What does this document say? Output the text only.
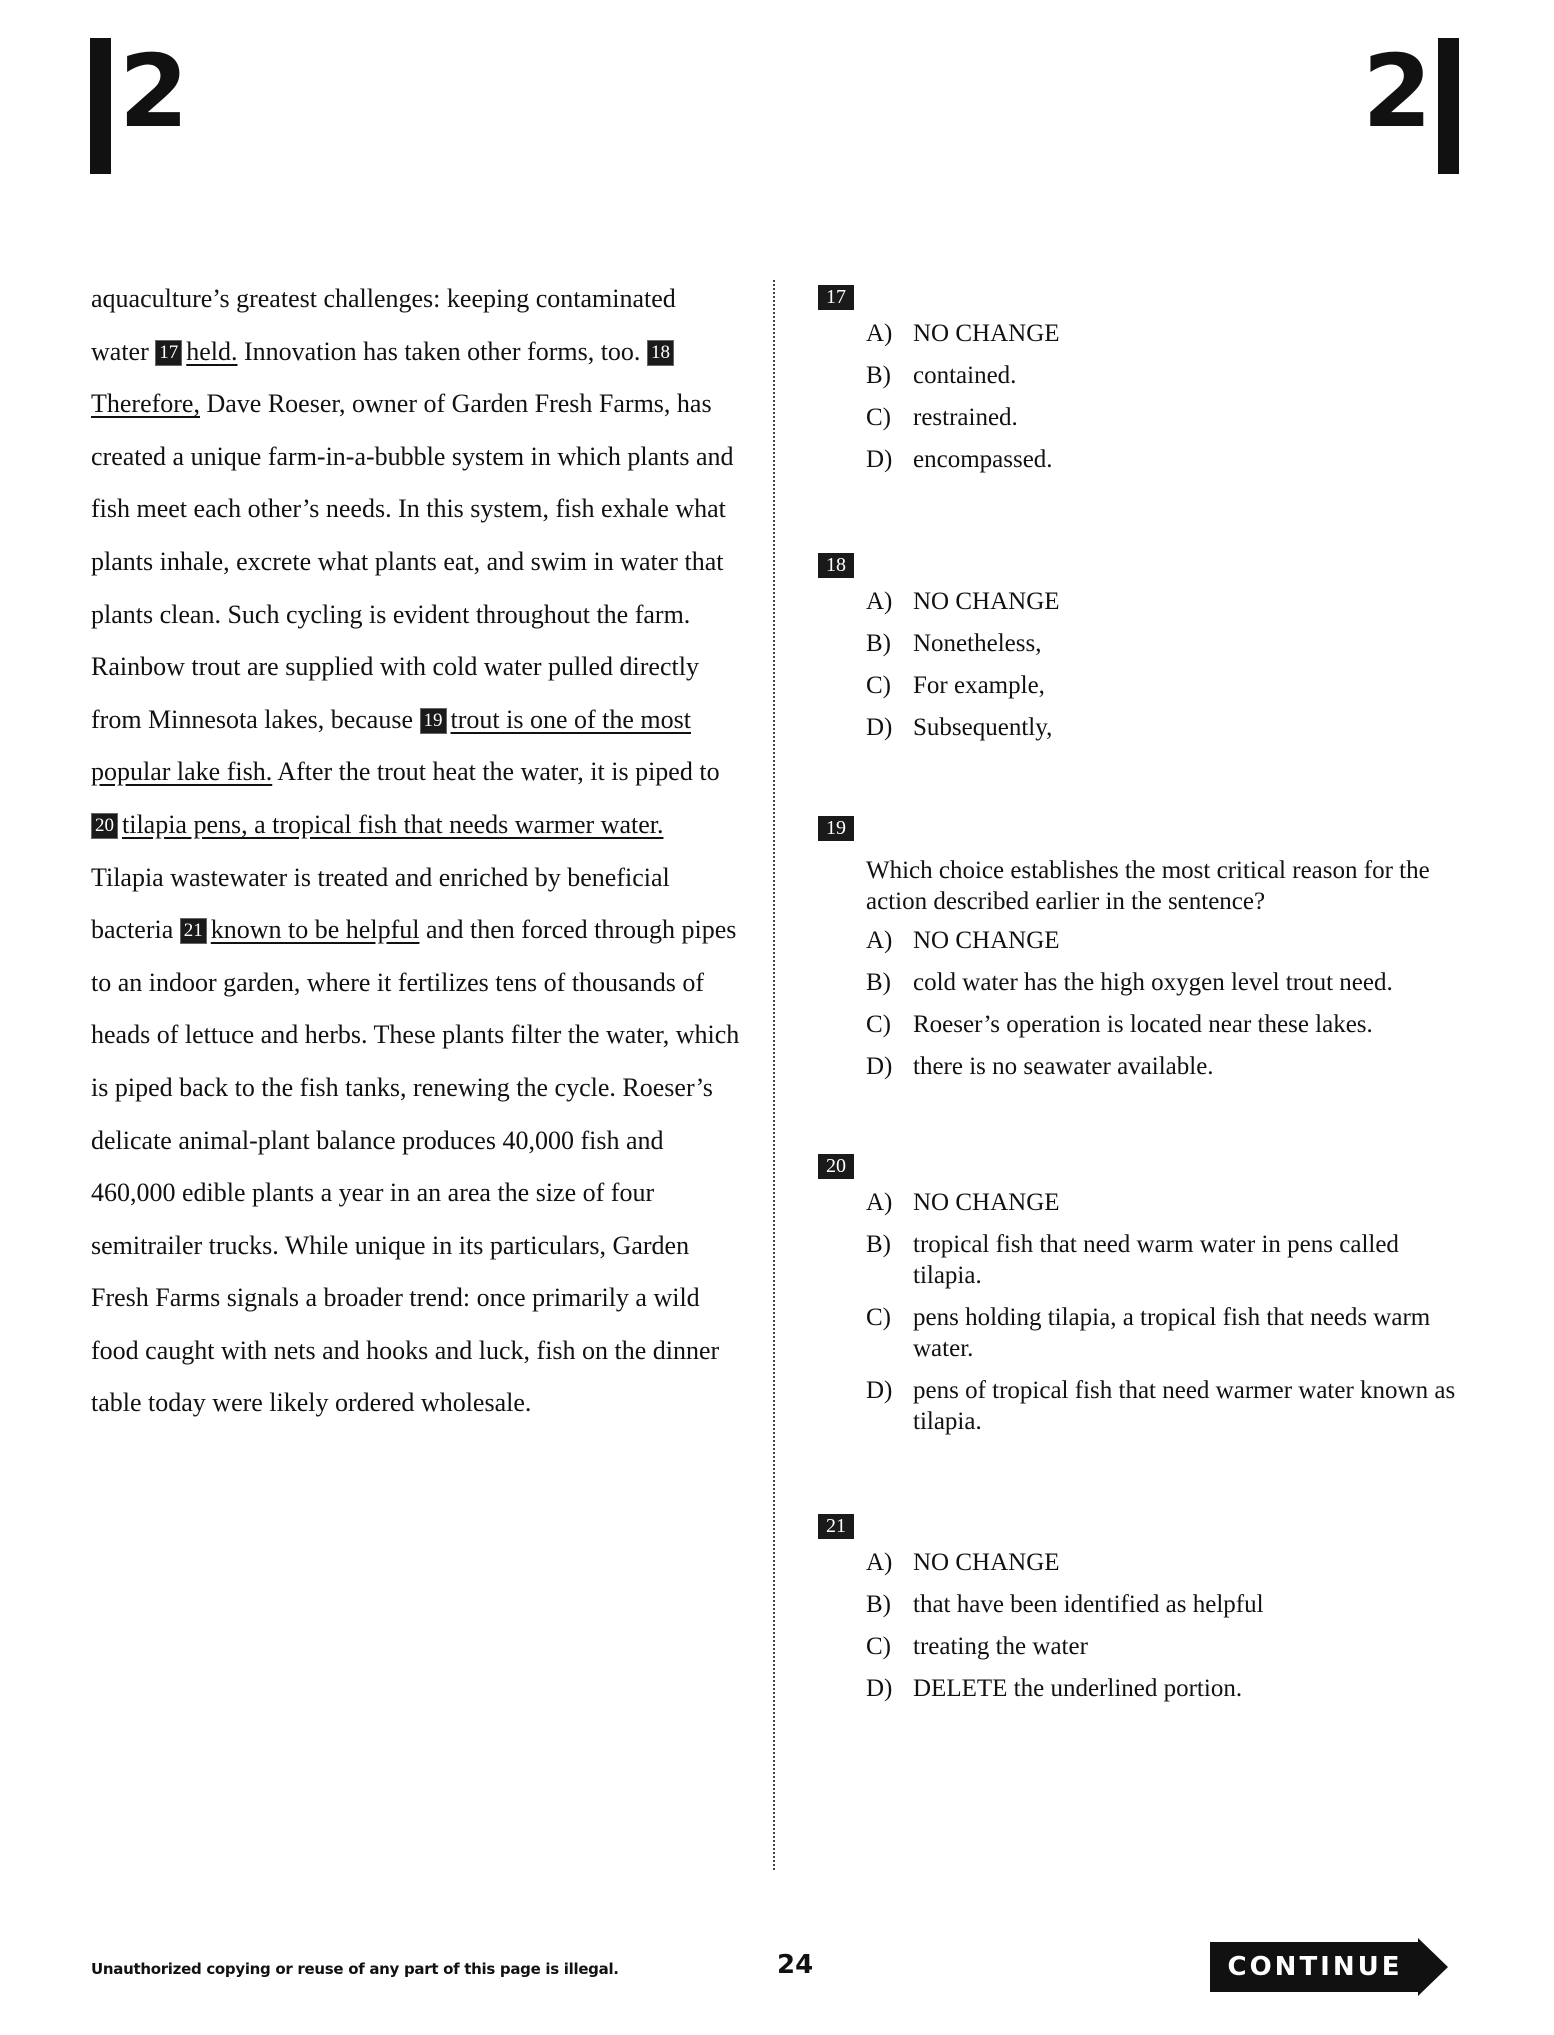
2	2

aquaculture’s greatest challenges: keeping contaminated
water 17 held. Innovation has taken other forms, too. 18Therefore, Dave Roeser, owner of Garden Fresh Farms, has created a unique farm-in-a-bubble system in which plants and fish meet each other’s needs. In this system, fish exhale what plants inhale, excrete what plants eat, and swim in water that plants clean. Such cycling is evident throughout the farm. Rainbow trout are supplied with cold water pulled directly from Minnesota lakes, because 19 trout is one of the most popular lake fish. After the trout heat the water, it is piped to 20 tilapia pens, a tropical fish that needs warmer water. Tilapia wastewater is treated and enriched by beneficial bacteria 21 known to be helpful and then forced through pipes to an indoor garden, where it fertilizes tens of thousands of heads of lettuce and herbs. These plants filter the water, which is piped back to the fish tanks, renewing the cycle. Roeser’s delicate animal-plant balance produces 40,000 fish and 460,000 edible plants a year in an area the size of four semitrailer trucks. While unique in its particulars, Garden Fresh Farms signals a broader trend: once primarily a wild food caught with nets and hooks and luck, fish on the dinner table today were likely ordered wholesale.

17
A) NO CHANGE
B) contained.
C) restrained.
D) encompassed.
18
A) NO CHANGE
B) Nonetheless,
C) For example,
D) Subsequently,
19
Which choice establishes the most critical reason for the action described earlier in the sentence?
A) NO CHANGE
B) cold water has the high oxygen level trout need.
C) Roeser’s operation is located near these lakes.
D) there is no seawater available.
20
A) NO CHANGE
B) tropical fish that need warm water in pens called tilapia.
C) pens holding tilapia, a tropical fish that needs warm water.
D) pens of tropical fish that need warmer water known as tilapia.
21
A) NO CHANGE
B) that have been identified as helpful
C) treating the water
D) DELETE the underlined portion.
Unauthorized copying or reuse of any part of this page is illegal.	24	CONTINUE
